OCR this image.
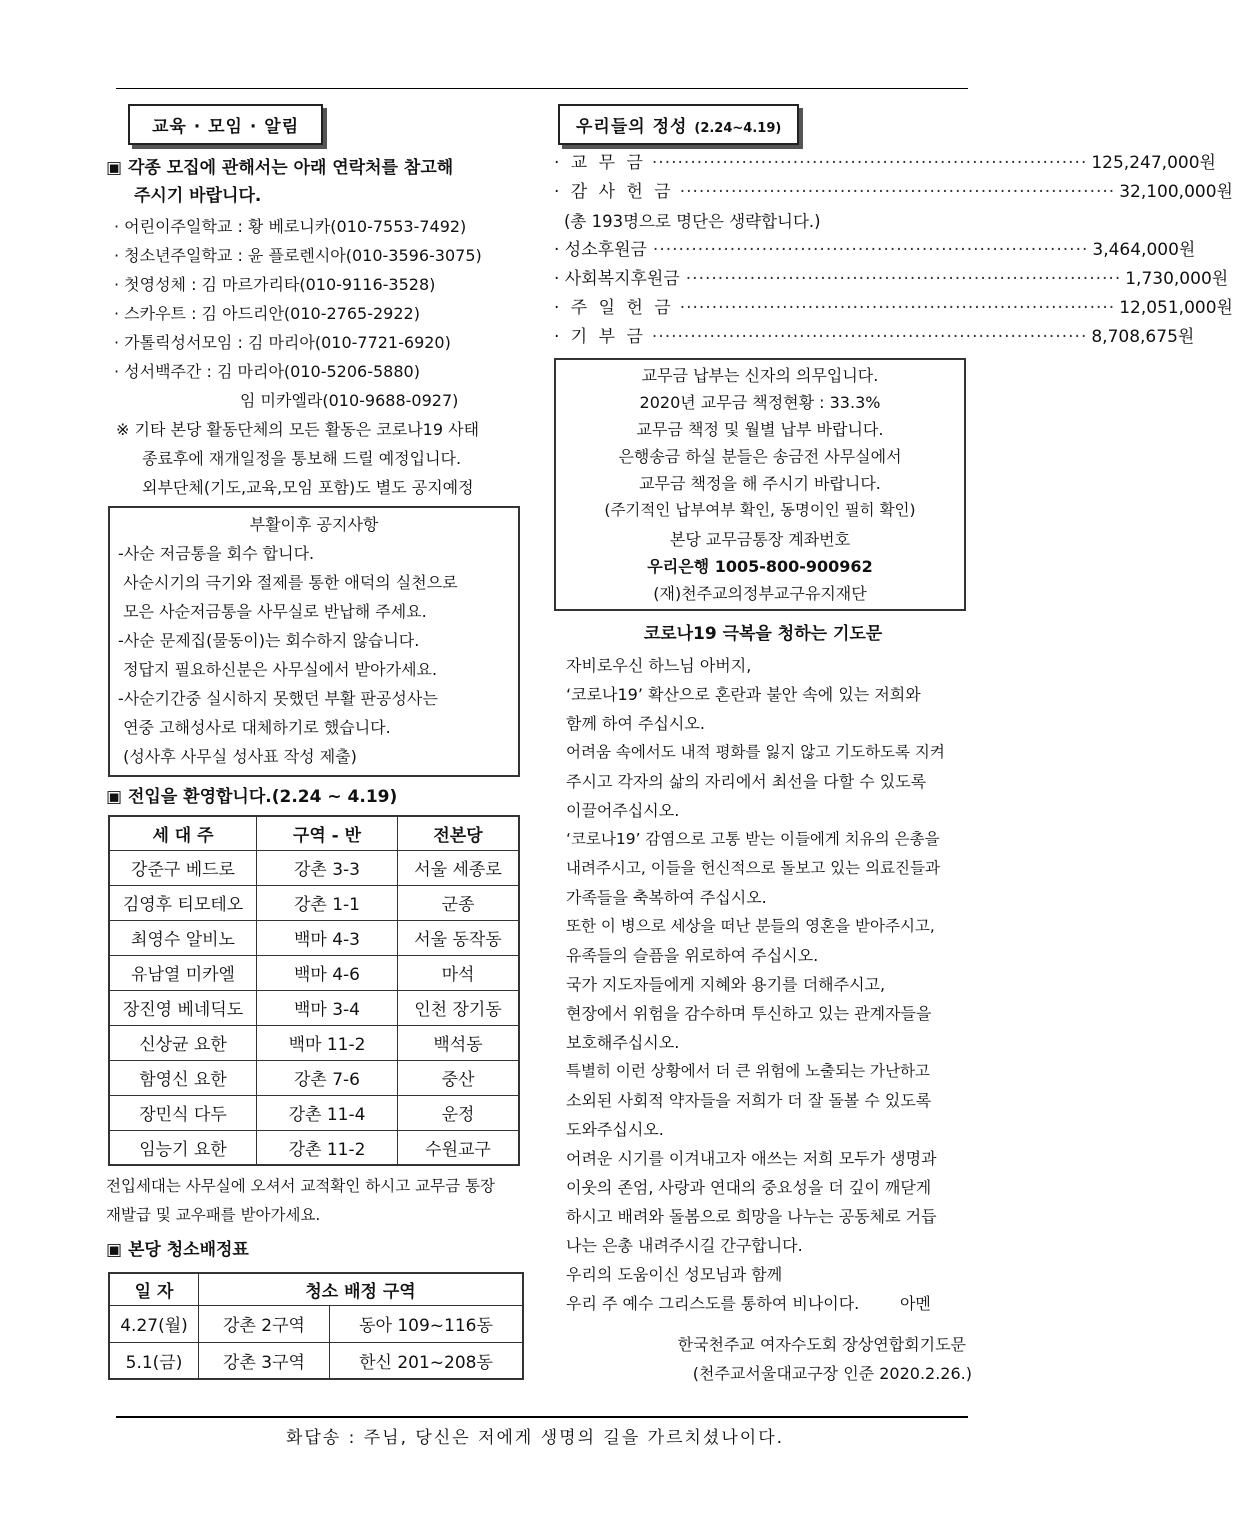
교육 · 모임 · 알림
▣ 각종 모집에 관해서는 아래 연락처를 참고해
주시기 바랍니다.
· 어린이주일학교 : 황 베로니카(010-7553-7492)
· 청소년주일학교 : 윤 플로렌시아(010-3596-3075)
· 첫영성체 : 김 마르가리타(010-9116-3528)
· 스카우트 : 김 아드리안(010-2765-2922)
· 가톨릭성서모임 : 김 마리아(010-7721-6920)
· 성서백주간 : 김 마리아(010-5206-5880)
임 미카엘라(010-9688-0927)
※ 기타 본당 활동단체의 모든 활동은 코로나19 사태
종료후에 재개일정을 통보해 드릴 예정입니다.
외부단체(기도,교육,모임 포함)도 별도 공지예정
부활이후 공지사항
-사순 저금통을 회수 합니다.
사순시기의 극기와 절제를 통한 애덕의 실천으로
모은 사순저금통을 사무실로 반납해 주세요.
-사순 문제집(물동이)는 회수하지 않습니다.
정답지 필요하신분은 사무실에서 받아가세요.
-사순기간중 실시하지 못했던 부활 판공성사는
연중 고해성사로 대체하기로 했습니다.
(성사후 사무실 성사표 작성 제출)
▣ 전입을 환영합니다.(2.24 ~ 4.19)
세 대 주	구역 - 반	전본당
강준구 베드로	강촌 3-3	서울 세종로
김영후 티모테오	강촌 1-1	군종
최영수 알비노	백마 4-3	서울 동작동
유남열 미카엘	백마 4-6	마석
장진영 베네딕도	백마 3-4	인천 장기동
신상균 요한	백마 11-2	백석동
함영신 요한	강촌 7-6	중산
장민식 다두	강촌 11-4	운정
임능기 요한	강촌 11-2	수원교구
전입세대는 사무실에 오셔서 교적확인 하시고 교무금 통장
재발급 및 교우패를 받아가세요.
▣ 본당 청소배정표
일 자	청소 배정 구역	
4.27(월)	강촌 2구역	동아 109~116동
5.1(금)	강촌 3구역	한신 201~208동
우리들의 정성 (2.24~4.19)
· 교 무 금 ···································································· 125,247,000원
· 감 사 헌 금 ···································································· 32,100,000원
(총 193명으로 명단은 생략합니다.)
· 성소후원금 ···································································· 3,464,000원
· 사회복지후원금 ···································································· 1,730,000원
· 주 일 헌 금 ···································································· 12,051,000원
· 기 부 금 ···································································· 8,708,675원
교무금 납부는 신자의 의무입니다.
2020년 교무금 책정현황 : 33.3%
교무금 책정 및 월별 납부 바랍니다.
은행송금 하실 분들은 송금전 사무실에서
교무금 책정을 해 주시기 바랍니다.
(주기적인 납부여부 확인, 동명이인 필히 확인)
본당 교무금통장 계좌번호
우리은행 1005-800-900962
(재)천주교의정부교구유지재단
코로나19 극복을 청하는 기도문

자비로우신 하느님 아버지,

‘코로나19’ 확산으로 혼란과 불안 속에 있는 저희와

함께 하여 주십시오.

어려움 속에서도 내적 평화를 잃지 않고 기도하도록 지켜

주시고 각자의 삶의 자리에서 최선을 다할 수 있도록

이끌어주십시오.

‘코로나19’ 감염으로 고통 받는 이들에게 치유의 은총을

내려주시고, 이들을 헌신적으로 돌보고 있는 의료진들과

가족들을 축복하여 주십시오.

또한 이 병으로 세상을 떠난 분들의 영혼을 받아주시고,

유족들의 슬픔을 위로하여 주십시오.

국가 지도자들에게 지혜와 용기를 더해주시고,

현장에서 위험을 감수하며 투신하고 있는 관계자들을

보호해주십시오.

특별히 이런 상황에서 더 큰 위험에 노출되는 가난하고

소외된 사회적 약자들을 저희가 더 잘 돌볼 수 있도록

도와주십시오.

어려운 시기를 이겨내고자 애쓰는 저희 모두가 생명과

이웃의 존엄, 사랑과 연대의 중요성을 더 깊이 깨닫게

하시고 배려와 돌봄으로 희망을 나누는 공동체로 거듭

나는 은총 내려주시길 간구합니다.

우리의 도움이신 성모님과 함께

우리 주 예수 그리스도를 통하여 비나이다.        아멘

한국천주교 여자수도회 장상연합회기도문
(천주교서울대교구장 인준 2020.2.26.)
화답송 : 주님, 당신은 저에게 생명의 길을 가르치셨나이다.
